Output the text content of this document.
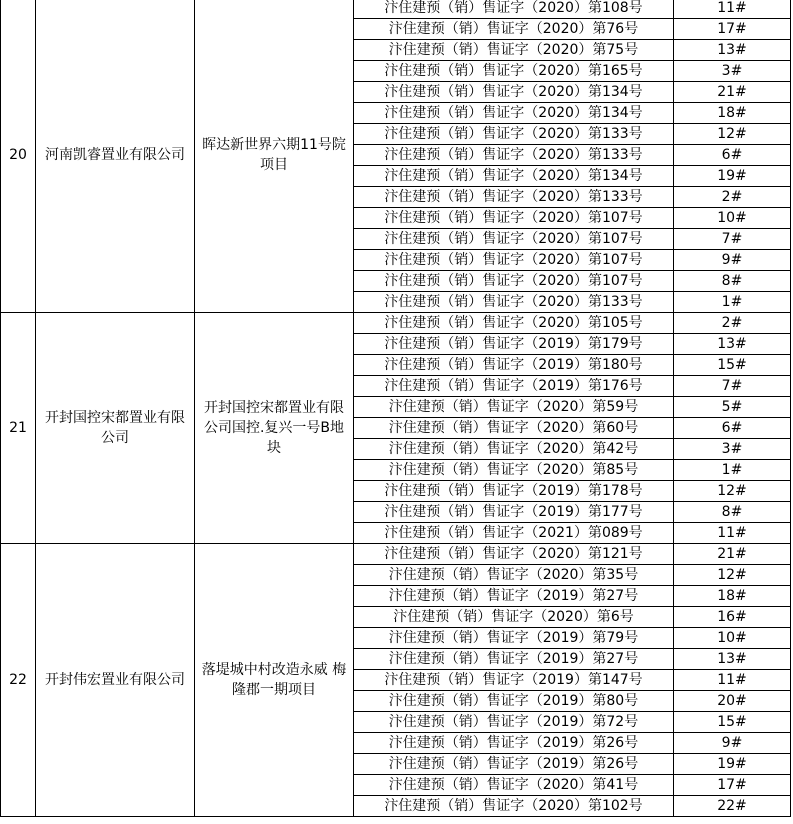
20	河南凯睿置业有限公司	晖达新世界六期11号院项目	汴住建预（销）售证字（2020）第108号	11#
			汴住建预（销）售证字（2020）第76号	17#
			汴住建预（销）售证字（2020）第75号	13#
			汴住建预（销）售证字（2020）第165号	3#
			汴住建预（销）售证字（2020）第134号	21#
			汴住建预（销）售证字（2020）第134号	18#
			汴住建预（销）售证字（2020）第133号	12#
			汴住建预（销）售证字（2020）第133号	6#
			汴住建预（销）售证字（2020）第134号	19#
			汴住建预（销）售证字（2020）第133号	2#
			汴住建预（销）售证字（2020）第107号	10#
			汴住建预（销）售证字（2020）第107号	7#
			汴住建预（销）售证字（2020）第107号	9#
			汴住建预（销）售证字（2020）第107号	8#
			汴住建预（销）售证字（2020）第133号	1#
21	开封国控宋都置业有限公司	开封国控宋都置业有限公司国控.复兴一号B地块	汴住建预（销）售证字（2020）第105号	2#
			汴住建预（销）售证字（2019）第179号	13#
			汴住建预（销）售证字（2019）第180号	15#
			汴住建预（销）售证字（2019）第176号	7#
			汴住建预（销）售证字（2020）第59号	5#
			汴住建预（销）售证字（2020）第60号	6#
			汴住建预（销）售证字（2020）第42号	3#
			汴住建预（销）售证字（2020）第85号	1#
			汴住建预（销）售证字（2019）第178号	12#
			汴住建预（销）售证字（2019）第177号	8#
			汴住建预（销）售证字（2021）第089号	11#
22	开封伟宏置业有限公司	落堤城中村改造永威 梅隆郡一期项目	汴住建预（销）售证字（2020）第121号	21#
			汴住建预（销）售证字（2020）第35号	12#
			汴住建预（销）售证字（2019）第27号	18#
			汴住建预（销）售证字（2020）第6号	16#
			汴住建预（销）售证字（2019）第79号	10#
			汴住建预（销）售证字（2019）第27号	13#
			汴住建预（销）售证字（2019）第147号	11#
			汴住建预（销）售证字（2019）第80号	20#
			汴住建预（销）售证字（2019）第72号	15#
			汴住建预（销）售证字（2019）第26号	9#
			汴住建预（销）售证字（2019）第26号	19#
			汴住建预（销）售证字（2020）第41号	17#
			汴住建预（销）售证字（2020）第102号	22#
